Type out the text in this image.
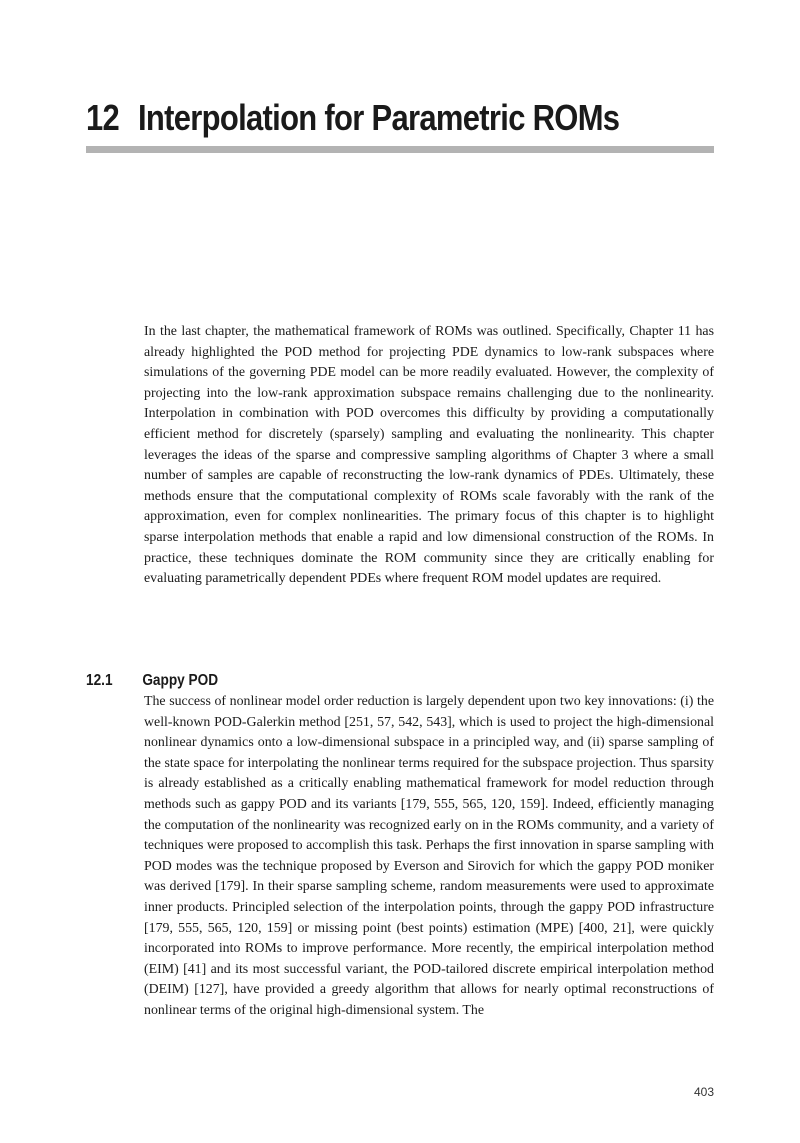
12 Interpolation for Parametric ROMs

In the last chapter, the mathematical framework of ROMs was outlined. Specifically, Chapter 11 has already highlighted the POD method for projecting PDE dynamics to low-rank subspaces where simulations of the governing PDE model can be more readily evaluated. However, the complexity of projecting into the low-rank approximation subspace remains challenging due to the nonlinearity. Interpolation in combination with POD overcomes this difficulty by providing a computationally efficient method for discretely (sparsely) sampling and evaluating the nonlinearity. This chapter leverages the ideas of the sparse and compressive sampling algorithms of Chapter 3 where a small number of samples are capable of reconstructing the low-rank dynamics of PDEs. Ultimately, these methods ensure that the computational complexity of ROMs scale favorably with the rank of the approximation, even for complex nonlinearities. The primary focus of this chapter is to highlight sparse interpolation methods that enable a rapid and low dimensional construction of the ROMs. In practice, these techniques dominate the ROM community since they are critically enabling for evaluating parametrically dependent PDEs where frequent ROM model updates are required.

12.1 Gappy POD

The success of nonlinear model order reduction is largely dependent upon two key innovations: (i) the well-known POD-Galerkin method [251, 57, 542, 543], which is used to project the high-dimensional nonlinear dynamics onto a low-dimensional subspace in a principled way, and (ii) sparse sampling of the state space for interpolating the nonlinear terms required for the subspace projection. Thus sparsity is already established as a critically enabling mathematical framework for model reduction through methods such as gappy POD and its variants [179, 555, 565, 120, 159]. Indeed, efficiently managing the computation of the nonlinearity was recognized early on in the ROMs community, and a variety of techniques were proposed to accomplish this task. Perhaps the first innovation in sparse sampling with POD modes was the technique proposed by Everson and Sirovich for which the gappy POD moniker was derived [179]. In their sparse sampling scheme, random measurements were used to approximate inner products. Principled selection of the interpolation points, through the gappy POD infrastructure [179, 555, 565, 120, 159] or missing point (best points) estimation (MPE) [400, 21], were quickly incorporated into ROMs to improve performance. More recently, the empirical interpolation method (EIM) [41] and its most successful variant, the POD-tailored discrete empirical interpolation method (DEIM) [127], have provided a greedy algorithm that allows for nearly optimal reconstructions of nonlinear terms of the original high-dimensional system. The

403
